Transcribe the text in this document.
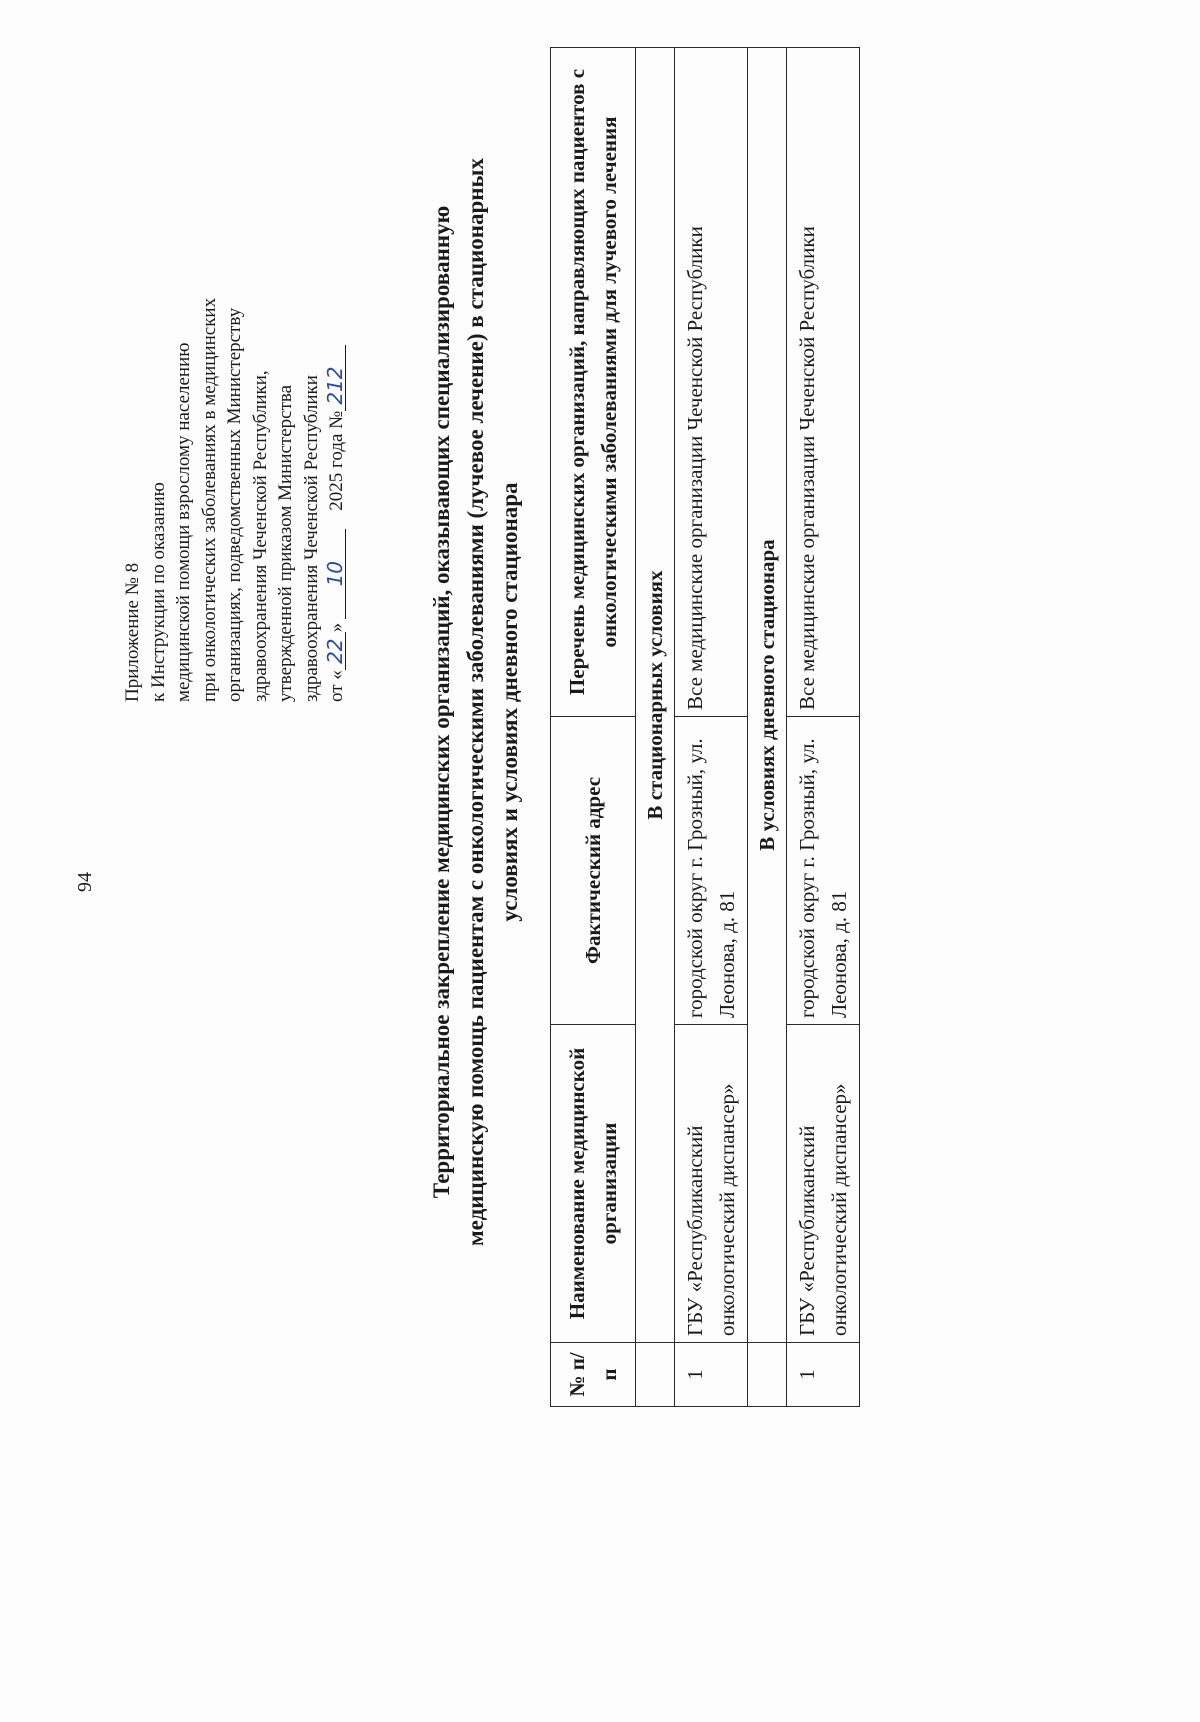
94
Приложение № 8 к Инструкции по оказанию медицинской помощи взрослому населению при онкологических заболеваниях в медицинских организациях, подведомственных Министерству здравоохранения Чеченской Республики, утвержденной приказом Министерства здравоохранения Чеченской Республики от «22»102025 года №212	Территориальное закрепление медицинских организаций, оказывающих специализированную медицинскую помощь пациентам с онкологическими заболеваниями (лучевое лечение) в стационарных условиях и условиях дневного стационара
№ п/п	Наименование медицинской организации	Фактический адрес	Перечень медицинских организаций, направляющих пациентов с онкологическими заболеваниями для лучевого лечения
	В стационарных условиях		
1	ГБУ «Республиканский онкологический диспансер»	городской округ г. Грозный, ул. Леонова, д. 81	Все медицинские организации Чеченской Республики
	В условиях дневного стационара		
1	ГБУ «Республиканский онкологический диспансер»	городской округ г. Грозный, ул. Леонова, д. 81	Все медицинские организации Чеченской Республики
